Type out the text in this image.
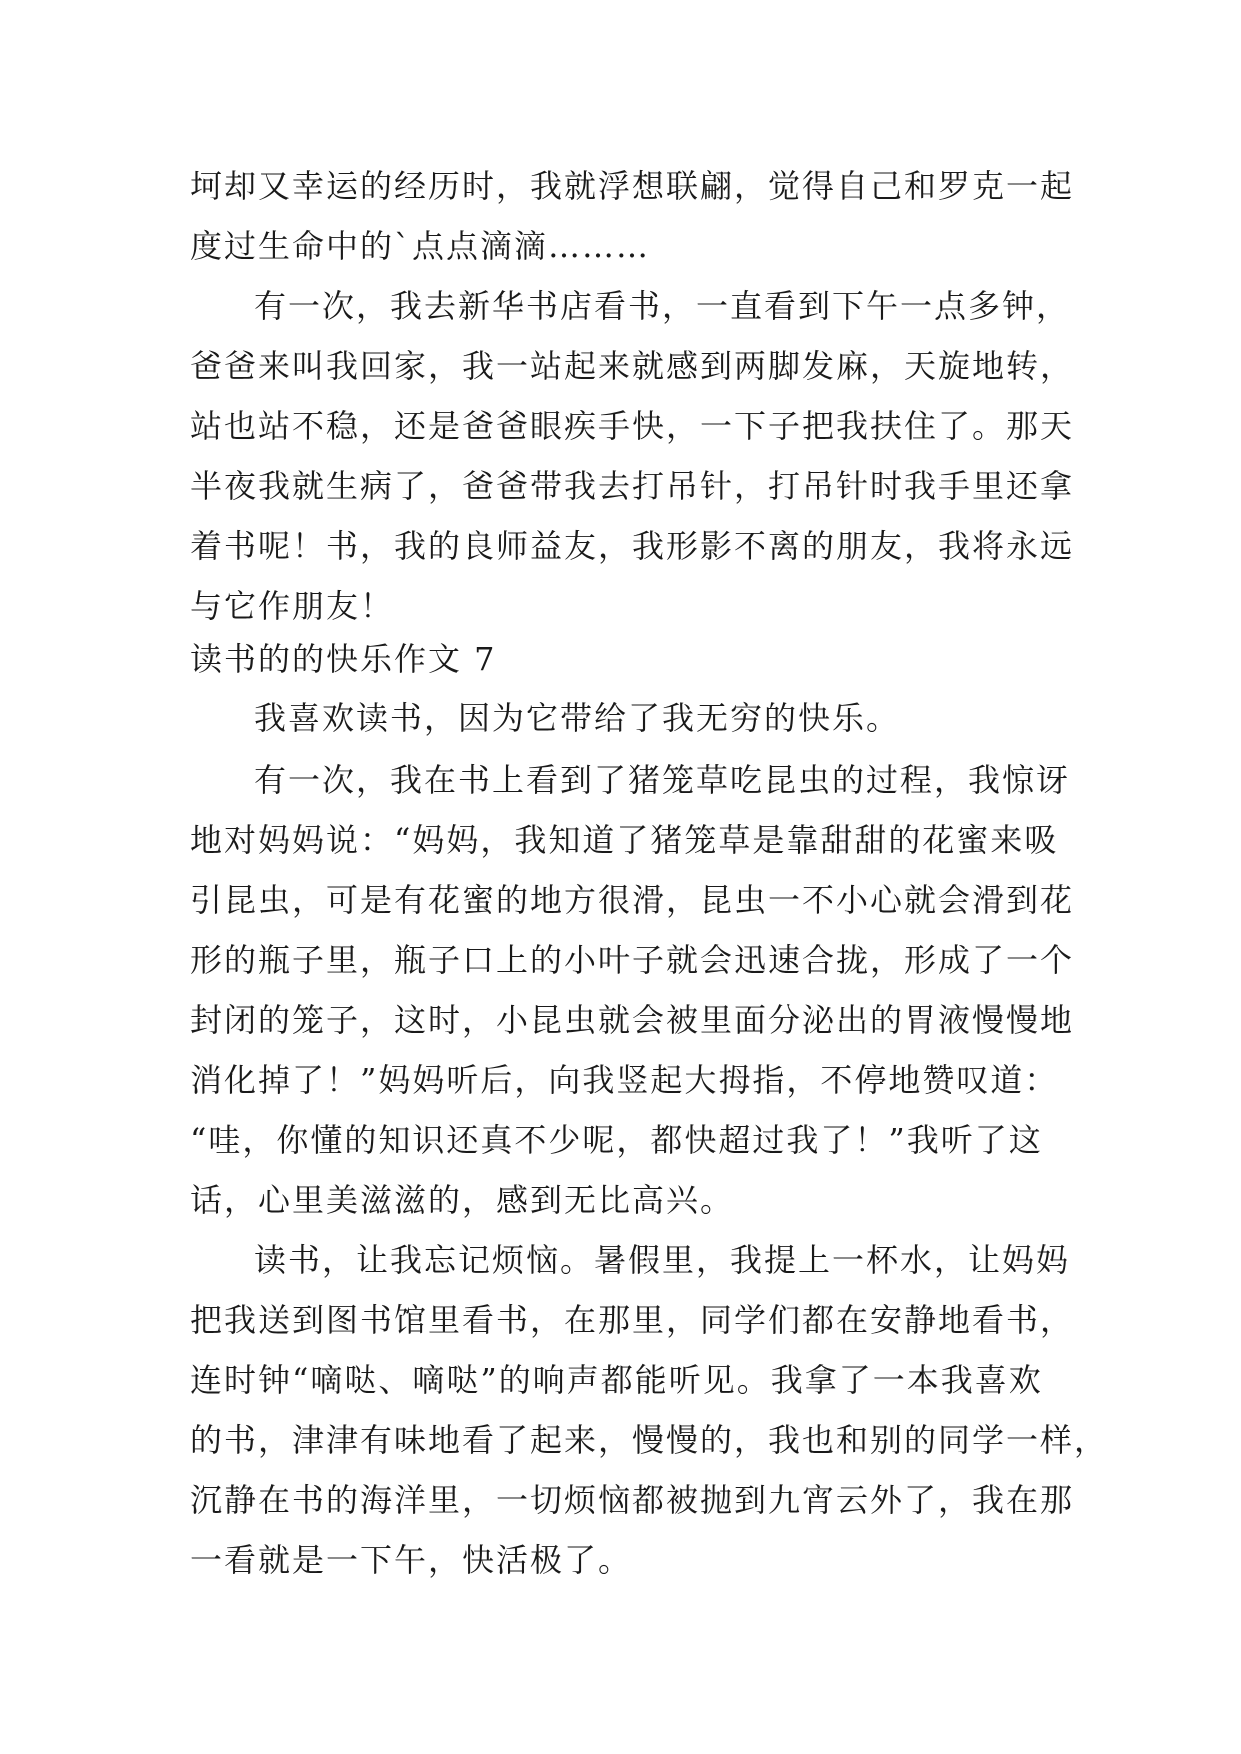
坷却又幸运的经历时，我就浮想联翩，觉得自己和罗克一起
度过生命中的`点点滴滴………
有一次，我去新华书店看书，一直看到下午一点多钟，
爸爸来叫我回家，我一站起来就感到两脚发麻，天旋地转，
站也站不稳，还是爸爸眼疾手快，一下子把我扶住了。那天
半夜我就生病了，爸爸带我去打吊针，打吊针时我手里还拿
着书呢！书，我的良师益友，我形影不离的朋友，我将永远
与它作朋友！
读书的的快乐作文 7
我喜欢读书，因为它带给了我无穷的快乐。
有一次，我在书上看到了猪笼草吃昆虫的过程，我惊讶
地对妈妈说：“妈妈，我知道了猪笼草是靠甜甜的花蜜来吸
引昆虫，可是有花蜜的地方很滑，昆虫一不小心就会滑到花
形的瓶子里，瓶子口上的小叶子就会迅速合拢，形成了一个
封闭的笼子，这时，小昆虫就会被里面分泌出的胃液慢慢地
消化掉了！”妈妈听后，向我竖起大拇指，不停地赞叹道：
“哇，你懂的知识还真不少呢，都快超过我了！”我听了这
话，心里美滋滋的，感到无比高兴。
读书，让我忘记烦恼。暑假里，我提上一杯水，让妈妈
把我送到图书馆里看书，在那里，同学们都在安静地看书，
连时钟“嘀哒、嘀哒”的响声都能听见。我拿了一本我喜欢
的书，津津有味地看了起来，慢慢的，我也和别的同学一样，
沉静在书的海洋里，一切烦恼都被抛到九宵云外了，我在那
一看就是一下午，快活极了。
